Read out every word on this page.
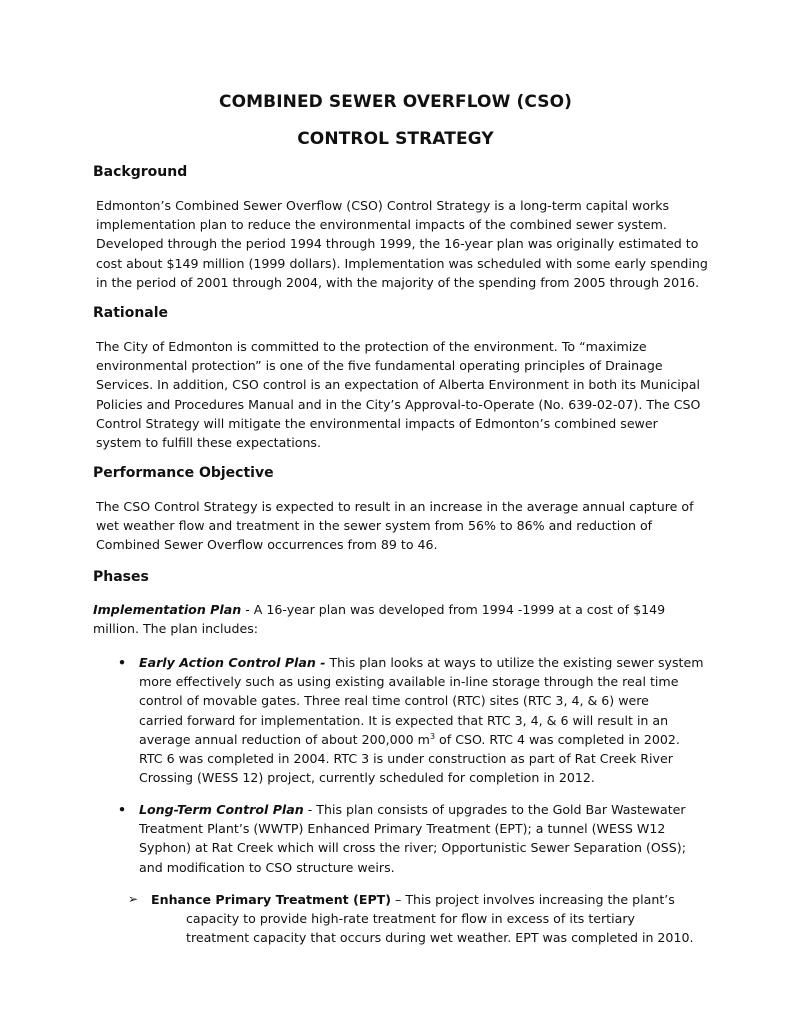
COMBINED SEWER OVERFLOW (CSO)
CONTROL STRATEGY
Background
Edmonton’s Combined Sewer Overflow (CSO) Control Strategy is a long-term capital works
implementation plan to reduce the environmental impacts of the combined sewer system.
Developed through the period 1994 through 1999, the 16-year plan was originally estimated to
cost about $149 million (1999 dollars). Implementation was scheduled with some early spending
in the period of 2001 through 2004, with the majority of the spending from 2005 through 2016.
Rationale
The City of Edmonton is committed to the protection of the environment. To “maximize
environmental protection” is one of the five fundamental operating principles of Drainage
Services. In addition, CSO control is an expectation of Alberta Environment in both its Municipal
Policies and Procedures Manual and in the City’s Approval-to-Operate (No. 639-02-07). The CSO
Control Strategy will mitigate the environmental impacts of Edmonton’s combined sewer
system to fulfill these expectations.
Performance Objective
The CSO Control Strategy is expected to result in an increase in the average annual capture of
wet weather flow and treatment in the sewer system from 56% to 86% and reduction of
Combined Sewer Overflow occurrences from 89 to 46.
Phases
Implementation Plan - A 16-year plan was developed from 1994 -1999 at a cost of $149 million. The plan includes:
• Early Action Control Plan - This plan looks at ways to utilize the existing sewer system
more effectively such as using existing available in-line storage through the real time
control of movable gates. Three real time control (RTC) sites (RTC 3, 4, & 6) were
carried forward for implementation. It is expected that RTC 3, 4, & 6 will result in an
average annual reduction of about 200,000 $m^3$ of CSO. RTC 4 was completed in 2002.
RTC 6 was completed in 2004. RTC 3 is under construction as part of Rat Creek River
Crossing (WESS 12) project, currently scheduled for completion in 2012.
• Long-Term Control Plan - This plan consists of upgrades to the Gold Bar Wastewater
Treatment Plant’s (WWTP) Enhanced Primary Treatment (EPT); a tunnel (WESS W12
Syphon) at Rat Creek which will cross the river; Opportunistic Sewer Separation (OSS);
and modification to CSO structure weirs.
➢ Enhance Primary Treatment (EPT) – This project involves increasing the plant’s
capacity to provide high-rate treatment for flow in excess of its tertiary
treatment capacity that occurs during wet weather. EPT was completed in 2010.
